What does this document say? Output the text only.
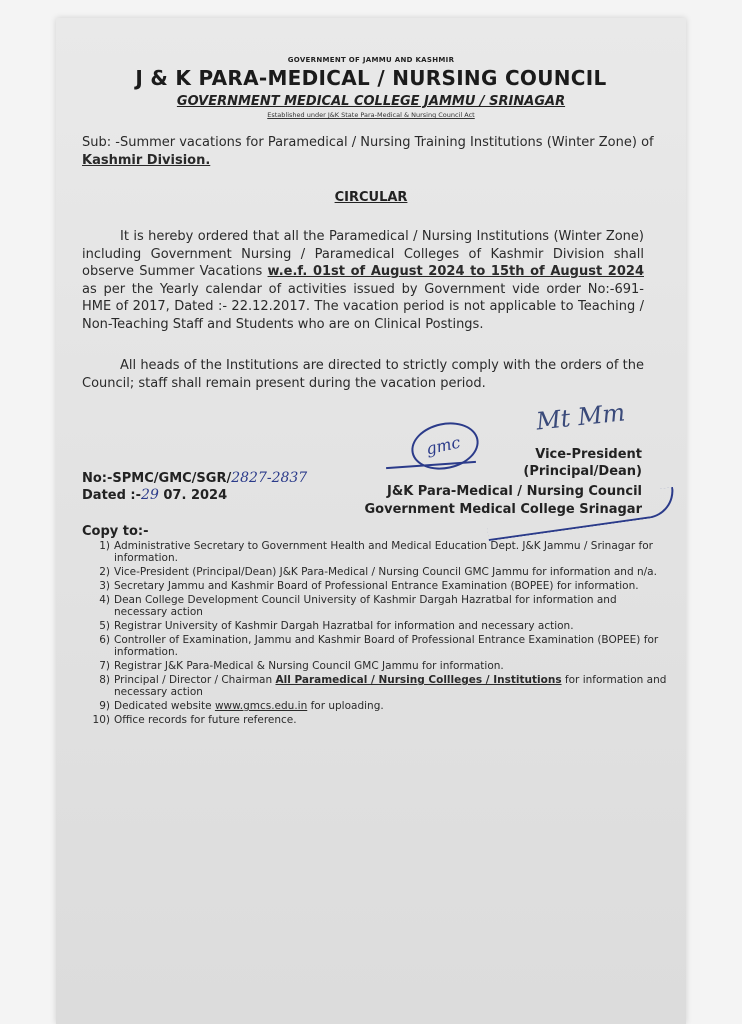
GOVERNMENT OF JAMMU AND KASHMIR
J & K PARA-MEDICAL / NURSING COUNCIL
GOVERNMENT MEDICAL COLLEGE JAMMU / SRINAGAR
Established under J&K State Para-Medical & Nursing Council Act
Sub: -Summer vacations for Paramedical / Nursing Training Institutions (Winter Zone) of Kashmir Division.
CIRCULAR
It is hereby ordered that all the Paramedical / Nursing Institutions (Winter Zone) including Government Nursing / Paramedical Colleges of Kashmir Division shall observe Summer Vacations w.e.f. 01st of August 2024 to 15th of August 2024 as per the Yearly calendar of activities issued by Government vide order No:-691- HME of 2017, Dated :- 22.12.2017. The vacation period is not applicable to Teaching / Non-Teaching Staff and Students who are on Clinical Postings.
All heads of the Institutions are directed to strictly comply with the orders of the Council; staff shall remain present during the vacation period.
Mt Mm
gmc	Vice-President
(Principal/Dean)
J&K Para-Medical / Nursing Council
Government Medical College Srinagar
No:-SPMC/GMC/SGR/2827-2837
Dated :-29 07. 2024
Copy to:-
1) Administrative Secretary to Government Health and Medical Education Dept. J&K Jammu / Srinagar for information.
2) Vice-President (Principal/Dean) J&K Para-Medical / Nursing Council GMC Jammu for information and n/a.
3) Secretary Jammu and Kashmir Board of Professional Entrance Examination (BOPEE) for information.
4) Dean College Development Council University of Kashmir Dargah Hazratbal for information and necessary action
5) Registrar University of Kashmir Dargah Hazratbal for information and necessary action.
6) Controller of Examination, Jammu and Kashmir Board of Professional Entrance Examination (BOPEE) for information.
7) Registrar J&K Para-Medical & Nursing Council GMC Jammu for information.
8) Principal / Director / Chairman All Paramedical / Nursing Collleges / Institutions for information and necessary action
9) Dedicated website www.gmcs.edu.in for uploading.
10) Office records for future reference.
